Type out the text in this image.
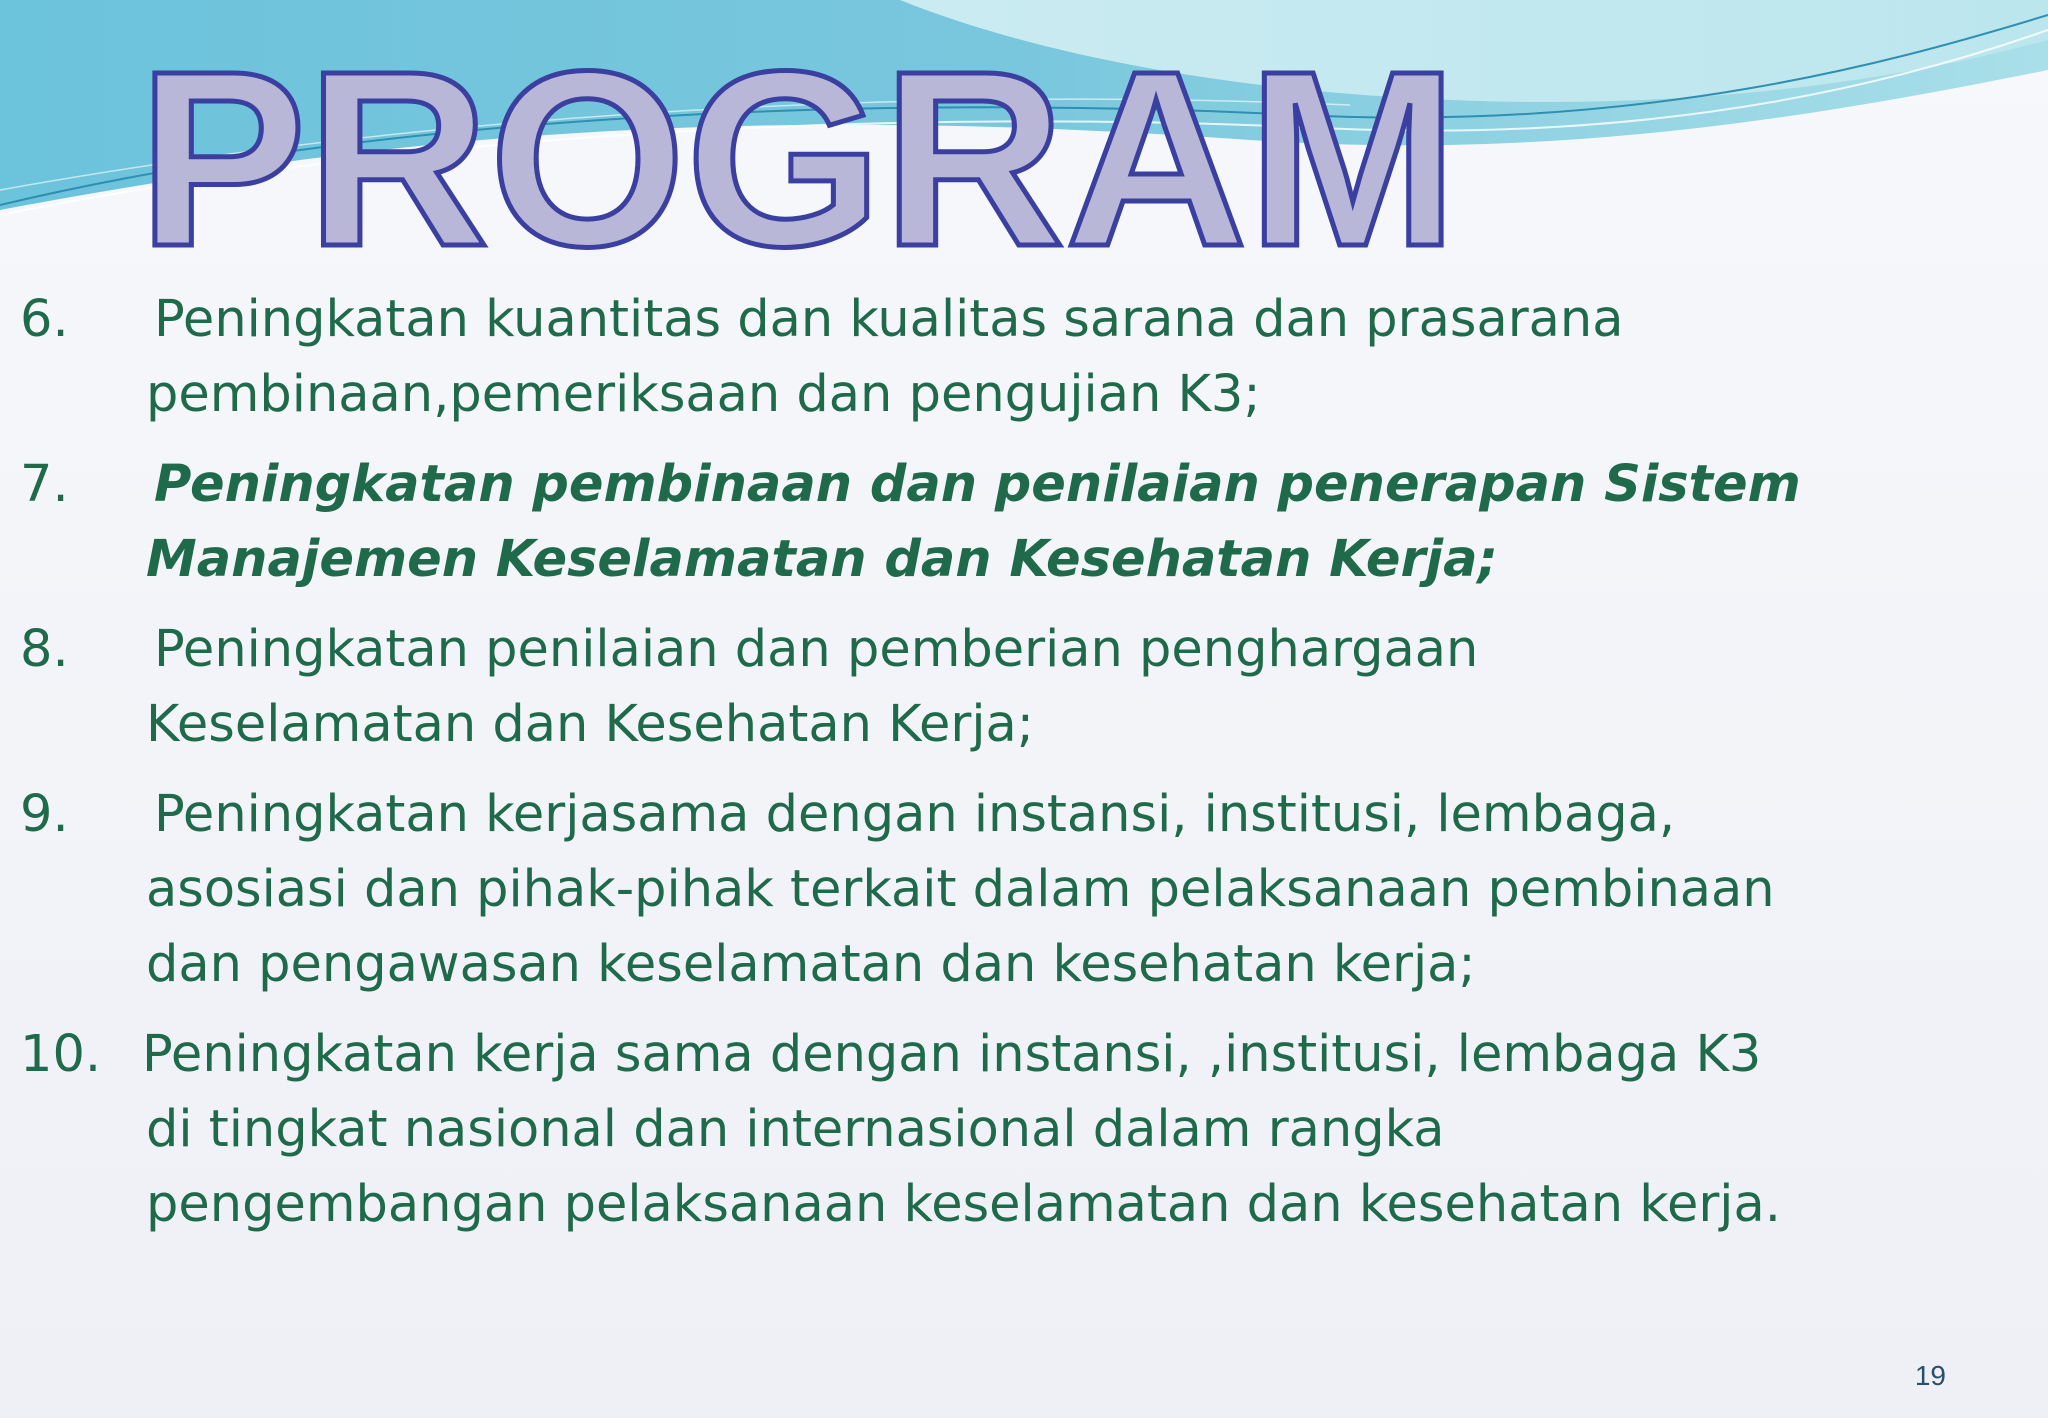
PROGRAM
6. Peningkatan kuantitas dan kualitas sarana dan prasarana
pembinaan,pemeriksaan dan pengujian K3;
7. Peningkatan pembinaan dan penilaian penerapan Sistem
Manajemen Keselamatan dan Kesehatan Kerja;
8. Peningkatan penilaian dan pemberian penghargaan
Keselamatan dan Kesehatan Kerja;
9. Peningkatan kerjasama dengan instansi, institusi, lembaga,
asosiasi dan pihak-pihak terkait dalam pelaksanaan pembinaan
dan pengawasan keselamatan dan kesehatan kerja;
10. Peningkatan kerja sama dengan instansi, ,institusi, lembaga K3
di tingkat nasional dan internasional dalam rangka
pengembangan pelaksanaan keselamatan dan kesehatan kerja.
19
